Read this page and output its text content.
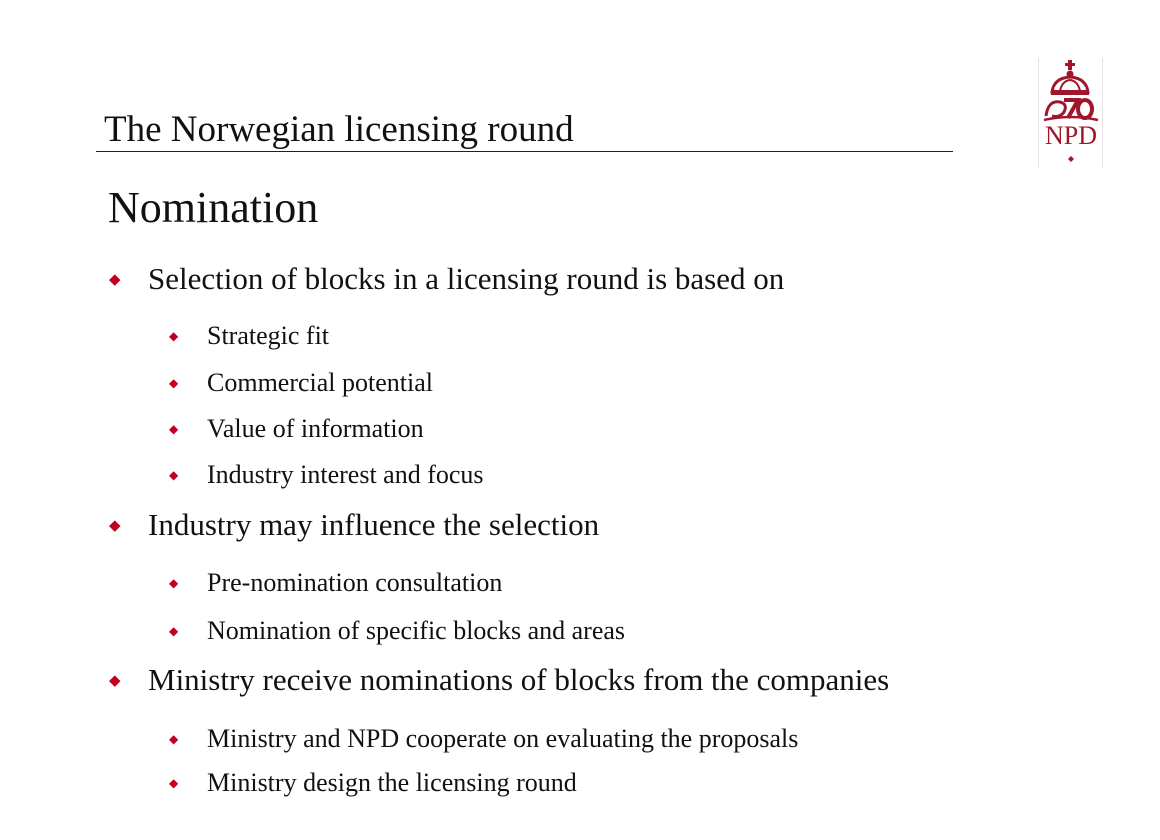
The Norwegian licensing round	NPD
Nomination
◆ Selection of blocks in a licensing round is based on
◆ Strategic fit
◆ Commercial potential
◆ Value of information
◆ Industry interest and focus
◆ Industry may influence the selection
◆ Pre-nomination consultation
◆ Nomination of specific blocks and areas
◆ Ministry receive nominations of blocks from the companies
◆ Ministry and NPD cooperate on evaluating the proposals
◆ Ministry design the licensing round
